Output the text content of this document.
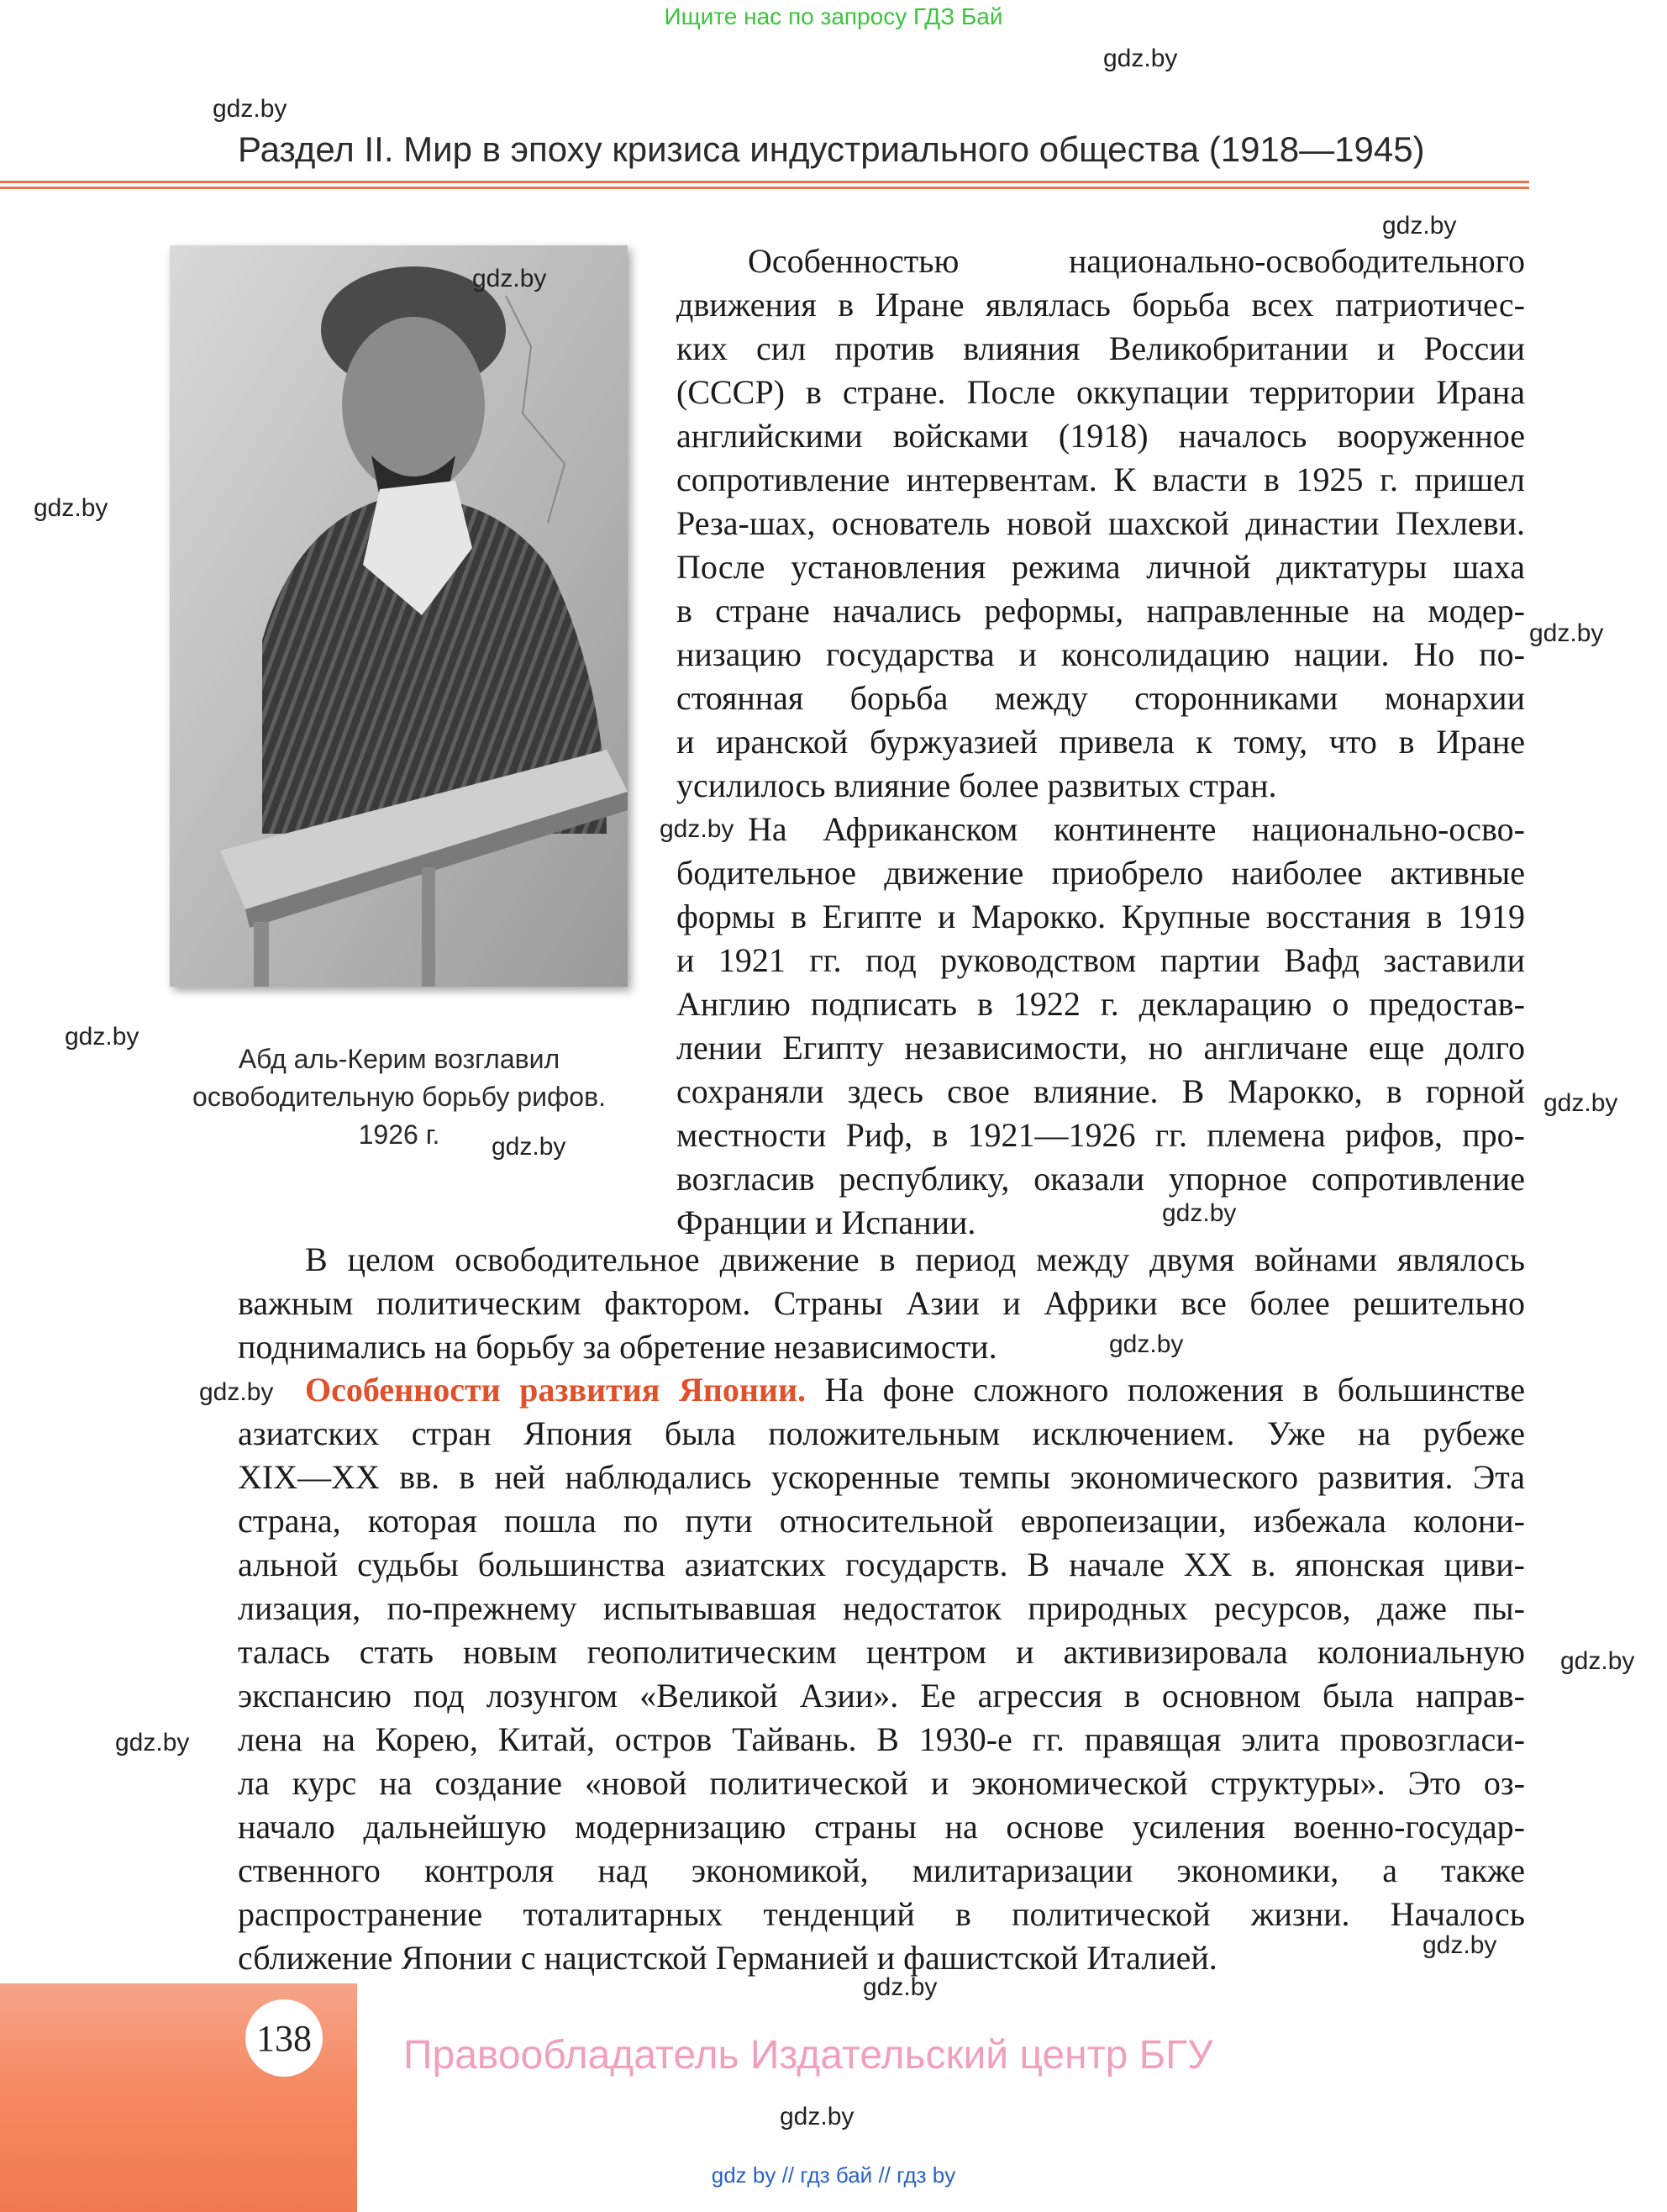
Ищите нас по запросу ГДЗ Бай
Раздел II. Мир в эпоху кризиса индустриального общества (1918—1945)
Абд аль-Керим возглавил
освободительную борьбу рифов.
1926 г.
Особенностью национально-освободительного
движения в Иране являлась борьба всех патриотичес-
ких сил против влияния Великобритании и России
(СССР) в стране. После оккупации территории Ирана
английскими войсками (1918) началось вооруженное
сопротивление интервентам. К власти в 1925 г. пришел
Реза-шах, основатель новой шахской династии Пехлеви.
После установления режима личной диктатуры шаха
в стране начались реформы, направленные на модер-
низацию государства и консолидацию нации. Но по-
стоянная борьба между сторонниками монархии
и иранской буржуазией привела к тому, что в Иране
усилилось влияние более развитых стран.
На Африканском континенте национально-осво-
бодительное движение приобрело наиболее активные
формы в Египте и Марокко. Крупные восстания в 1919
и 1921 гг. под руководством партии Вафд заставили
Англию подписать в 1922 г. декларацию о предостав-
лении Египту независимости, но англичане еще долго
сохраняли здесь свое влияние. В Марокко, в горной
местности Риф, в 1921—1926 гг. племена рифов, про-
возгласив республику, оказали упорное сопротивление
Франции и Испании.
В целом освободительное движение в период между двумя войнами являлось
важным политическим фактором. Страны Азии и Африки все более решительно
поднимались на борьбу за обретение независимости.
Особенности развития Японии. На фоне сложного положения в большинстве
азиатских стран Япония была положительным исключением. Уже на рубеже
XIX—XX вв. в ней наблюдались ускоренные темпы экономического развития. Эта
страна, которая пошла по пути относительной европеизации, избежала колони-
альной судьбы большинства азиатских государств. В начале XX в. японская циви-
лизация, по-прежнему испытывавшая недостаток природных ресурсов, даже пы-
талась стать новым геополитическим центром и активизировала колониальную
экспансию под лозунгом «Великой Азии». Ее агрессия в основном была направ-
лена на Корею, Китай, остров Тайвань. В 1930-е гг. правящая элита провозгласи-
ла курс на создание «новой политической и экономической структуры». Это оз-
начало дальнейшую модернизацию страны на основе усиления военно-государ-
ственного контроля над экономикой, милитаризации экономики, а также
распространение тоталитарных тенденций в политической жизни. Началось
сближение Японии с нацистской Германией и фашистской Италией.
gdz.by
gdz.by
gdz.by
gdz.by
gdz.by
gdz.by
gdz.by
gdz.by
gdz.by
gdz.by
gdz.by
gdz.by
gdz.by
gdz.by
gdz.by
gdz.by
gdz.by
gdz.by
138 Правообладатель Издательский центр БГУ
gdz by // гдз бай // гдз by
